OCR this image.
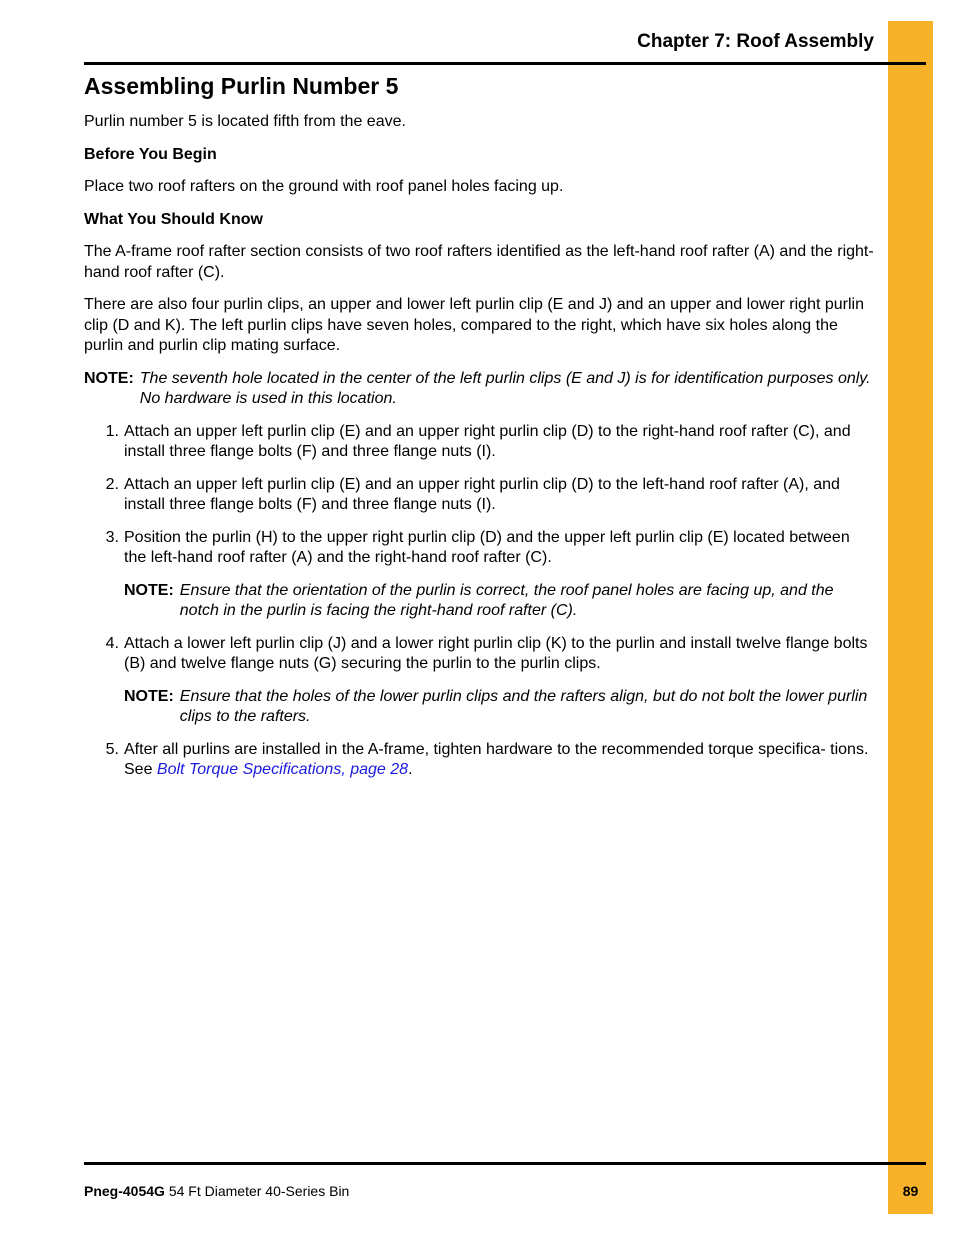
Chapter 7: Roof Assembly
Assembling Purlin Number 5

Purlin number 5 is located fifth from the eave.

Before You Begin

Place two roof rafters on the ground with roof panel holes facing up.

What You Should Know

The A-frame roof rafter section consists of two roof rafters identified as the left-hand roof rafter (A) and the right-hand roof rafter (C).

There are also four purlin clips, an upper and lower left purlin clip (E and J) and an upper and lower right purlin clip (D and K). The left purlin clips have seven holes, compared to the right, which have six holes along the purlin and purlin clip mating surface.

NOTE: The seventh hole located in the center of the left purlin clips (E and J) is for identification purposes only. No hardware is used in this location.
1. Attach an upper left purlin clip (E) and an upper right purlin clip (D) to the right-hand roof rafter (C), and install three flange bolts (F) and three flange nuts (I).
2. Attach an upper left purlin clip (E) and an upper right purlin clip (D) to the left-hand roof rafter (A), and install three flange bolts (F) and three flange nuts (I).
3. Position the purlin (H) to the upper right purlin clip (D) and the upper left purlin clip (E) located between the left-hand roof rafter (A) and the right-hand roof rafter (C).
NOTE: Ensure that the orientation of the purlin is correct, the roof panel holes are facing up, and the notch in the purlin is facing the right-hand roof rafter (C).
4. Attach a lower left purlin clip (J) and a lower right purlin clip (K) to the purlin and install twelve flange bolts (B) and twelve flange nuts (G) securing the purlin to the purlin clips.
NOTE: Ensure that the holes of the lower purlin clips and the rafters align, but do not bolt the lower purlin clips to the rafters.
5. After all purlins are installed in the A-frame, tighten hardware to the recommended torque specifica- tions. See Bolt Torque Specifications, page 28.
Pneg-4054G 54 Ft Diameter 40-Series Bin	89
